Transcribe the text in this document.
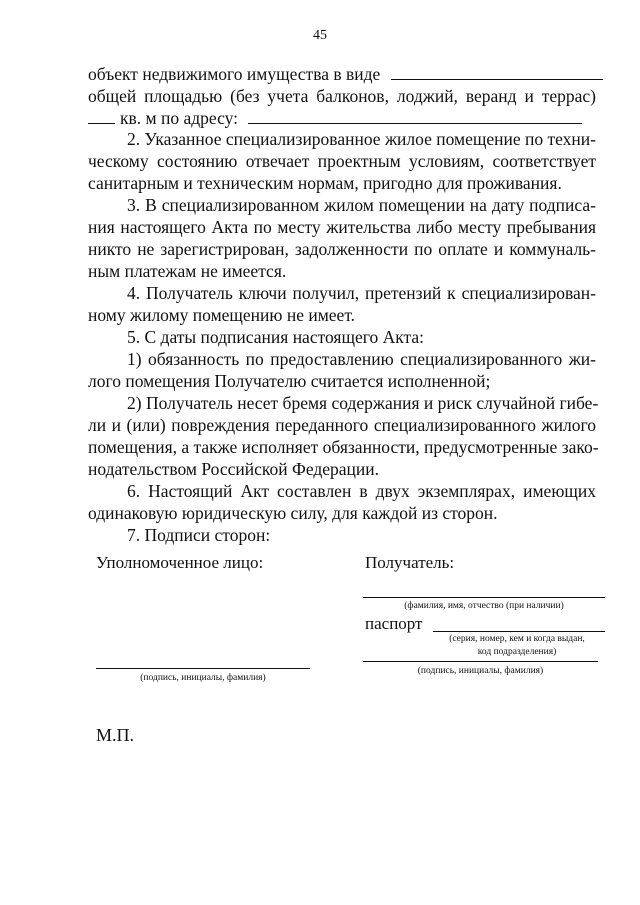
45
объект недвижимого имущества в виде
общей площадью (без учета балконов, лоджий, веранд и террас)
кв. м по адресу:
2. Указанное специализированное жилое помещение по техни-
ческому состоянию отвечает проектным условиям, соответствует
санитарным и техническим нормам, пригодно для проживания.
3. В специализированном жилом помещении на дату подписа-
ния настоящего Акта по месту жительства либо месту пребывания
никто не зарегистрирован, задолженности по оплате и коммуналь-
ным платежам не имеется.
4. Получатель ключи получил, претензий к специализирован-
ному жилому помещению не имеет.
5. С даты подписания настоящего Акта:
1) обязанность по предоставлению специализированного жи-
лого помещения Получателю считается исполненной;
2) Получатель несет бремя содержания и риск случайной гибе-
ли и (или) повреждения переданного специализированного жилого
помещения, а также исполняет обязанности, предусмотренные зако-
нодательством Российской Федерации.
6. Настоящий Акт составлен в двух экземплярах, имеющих
одинаковую юридическую силу, для каждой из сторон.
7. Подписи сторон:
Уполномоченное лицо:	Получатель:
(фамилия, имя, отчество (при наличии)
паспорт
(серия, номер, кем и когда выдан,
код подразделения)
(подпись, инициалы, фамилия)
(подпись, инициалы, фамилия)
М.П.
